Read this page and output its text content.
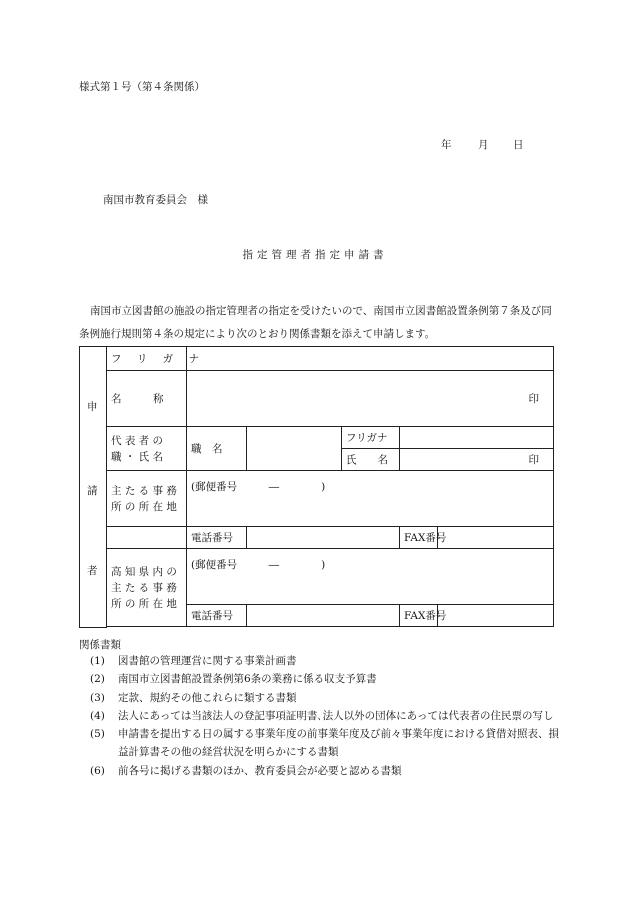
様式第１号（第４条関係）
年	月 日
南国市教育委員会　様
指定管理者指定申請書
南国市立図書館の施設の指定管理者の指定を受けたいので、南国市立図書館設置条例第７条及び同条例施行規則第４条の規定により次のとおり関係書類を添えて申請します。
申
請
者	フ リ ガ ナ					
	名　　　称	印				

	代 表 者 の
職 ・ 氏 名	職　名		フリガナ		
				氏　　名	印	

	主 た る 事 務
所 の 所 在 地	(郵便番号　　　―　　　　)				
		電話番号			FAX番号	

	高 知 県 内 の
主 た る 事 務
所 の 所 在 地	(郵便番号　　　―　　　　)				
		電話番号			FAX番号	

関係書類
(1)	図書館の管理運営に関する事業計画書
(2)	南国市立図書館設置条例第6条の業務に係る収支予算書
(3)	定款、規約その他これらに類する書類
(4)	法人にあっては当該法人の登記事項証明書､法人以外の団体にあっては代表者の住民票の写し
(5)	申請書を提出する日の属する事業年度の前事業年度及び前々事業年度における貸借対照表、損益計算書その他の経営状況を明らかにする書類
(6)	前各号に掲げる書類のほか、教育委員会が必要と認める書類
